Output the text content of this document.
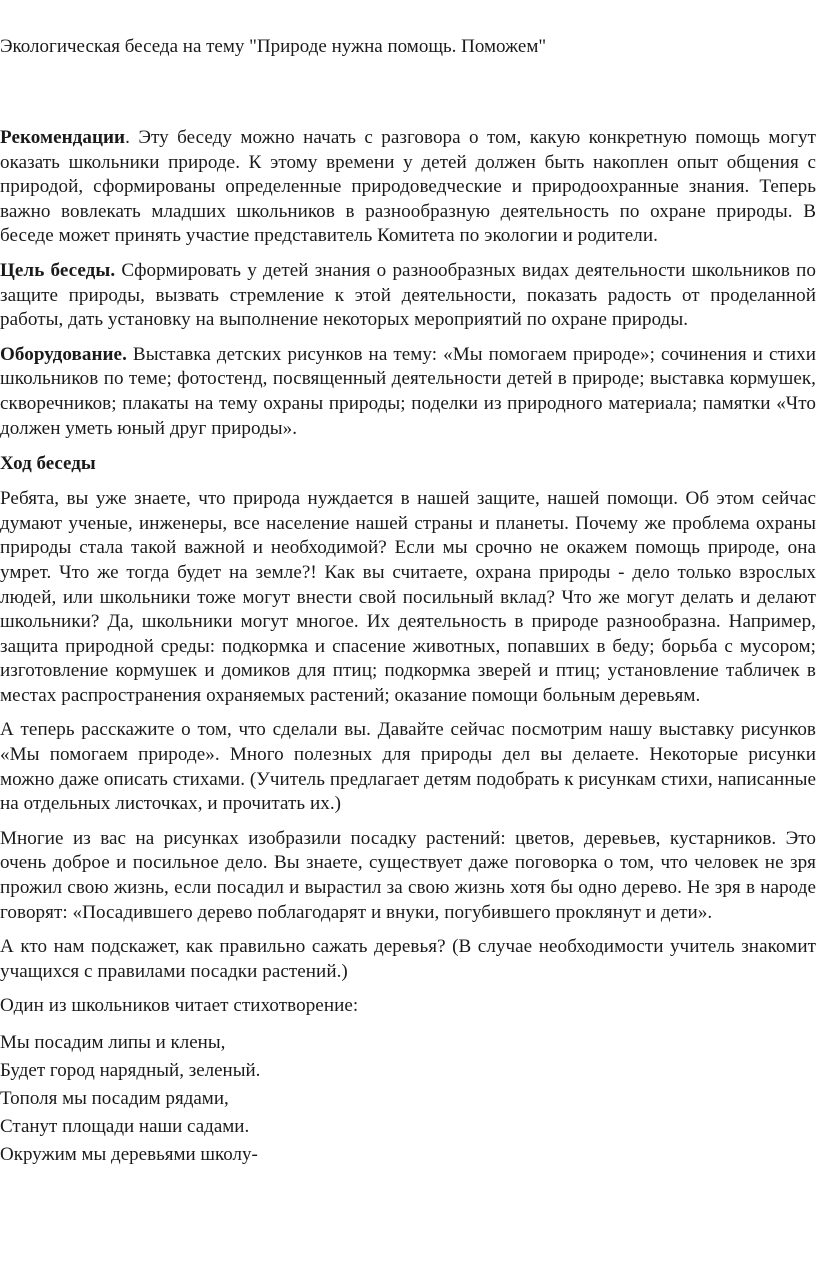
Экологическая беседа на тему "Природе нужна помощь. Поможем"

Рекомендации. Эту беседу можно начать с разговора о том, какую конкретную помощь могут оказать школьники природе. К этому времени у детей должен быть накоплен опыт общения с природой, сформированы определенные природоведческие и природоохранные знания. Теперь важно вовлекать младших школьников в разнообразную деятельность по охране природы. В беседе может принять участие представитель Комитета по экологии и родители.

Цель беседы. Сформировать у детей знания о разнообразных видах деятельности школьников по защите природы, вызвать стремление к этой деятельности, показать радость от проделанной работы, дать установку на выполнение некоторых мероприятий по охране природы.

Оборудование. Выставка детских рисунков на тему: «Мы помогаем природе»; сочинения и стихи школьников по теме; фотостенд, посвященный деятельности детей в природе; выставка кормушек, скворечников; плакаты на тему охраны природы; поделки из природного материала; памятки «Что должен уметь юный друг природы».

Ход беседы

Ребята, вы уже знаете, что природа нуждается в нашей защите, нашей помощи. Об этом сейчас думают ученые, инженеры, все население нашей страны и планеты. Почему же проблема охраны природы стала такой важной и необходимой? Если мы срочно не окажем помощь природе, она умрет. Что же тогда будет на земле?! Как вы считаете, охрана природы - дело только взрослых людей, или школьники тоже могут внести свой посильный вклад? Что же могут делать и делают школьники? Да, школьники могут многое. Их деятельность в природе разнообразна. Например, защита природной среды: подкормка и спасение животных, попавших в беду; борьба с мусором; изготовление кормушек и домиков для птиц; подкормка зверей и птиц; установление табличек в местах распространения охраняемых растений; оказание помощи больным деревьям.

А теперь расскажите о том, что сделали вы. Давайте сейчас посмотрим нашу выставку рисунков «Мы помогаем природе». Много полезных для природы дел вы делаете. Некоторые рисунки можно даже описать стихами. (Учитель предлагает детям подобрать к рисункам стихи, написанные на отдельных листочках, и прочитать их.)

Многие из вас на рисунках изобразили посадку растений: цветов, деревьев, кустарников. Это очень доброе и посильное дело. Вы знаете, существует даже поговорка о том, что человек не зря прожил свою жизнь, если посадил и вырастил за свою жизнь хотя бы одно дерево. Не зря в народе говорят: «Посадившего дерево поблагодарят и внуки, погубившего проклянут и дети».

А кто нам подскажет, как правильно сажать деревья? (В случае необходимости учитель знакомит учащихся с правилами посадки растений.)

Один из школьников читает стихотворение:

Мы посадим липы и клены,

Будет город нарядный, зеленый.

Тополя мы посадим рядами,

Станут площади наши садами.

Окружим мы деревьями школу-
